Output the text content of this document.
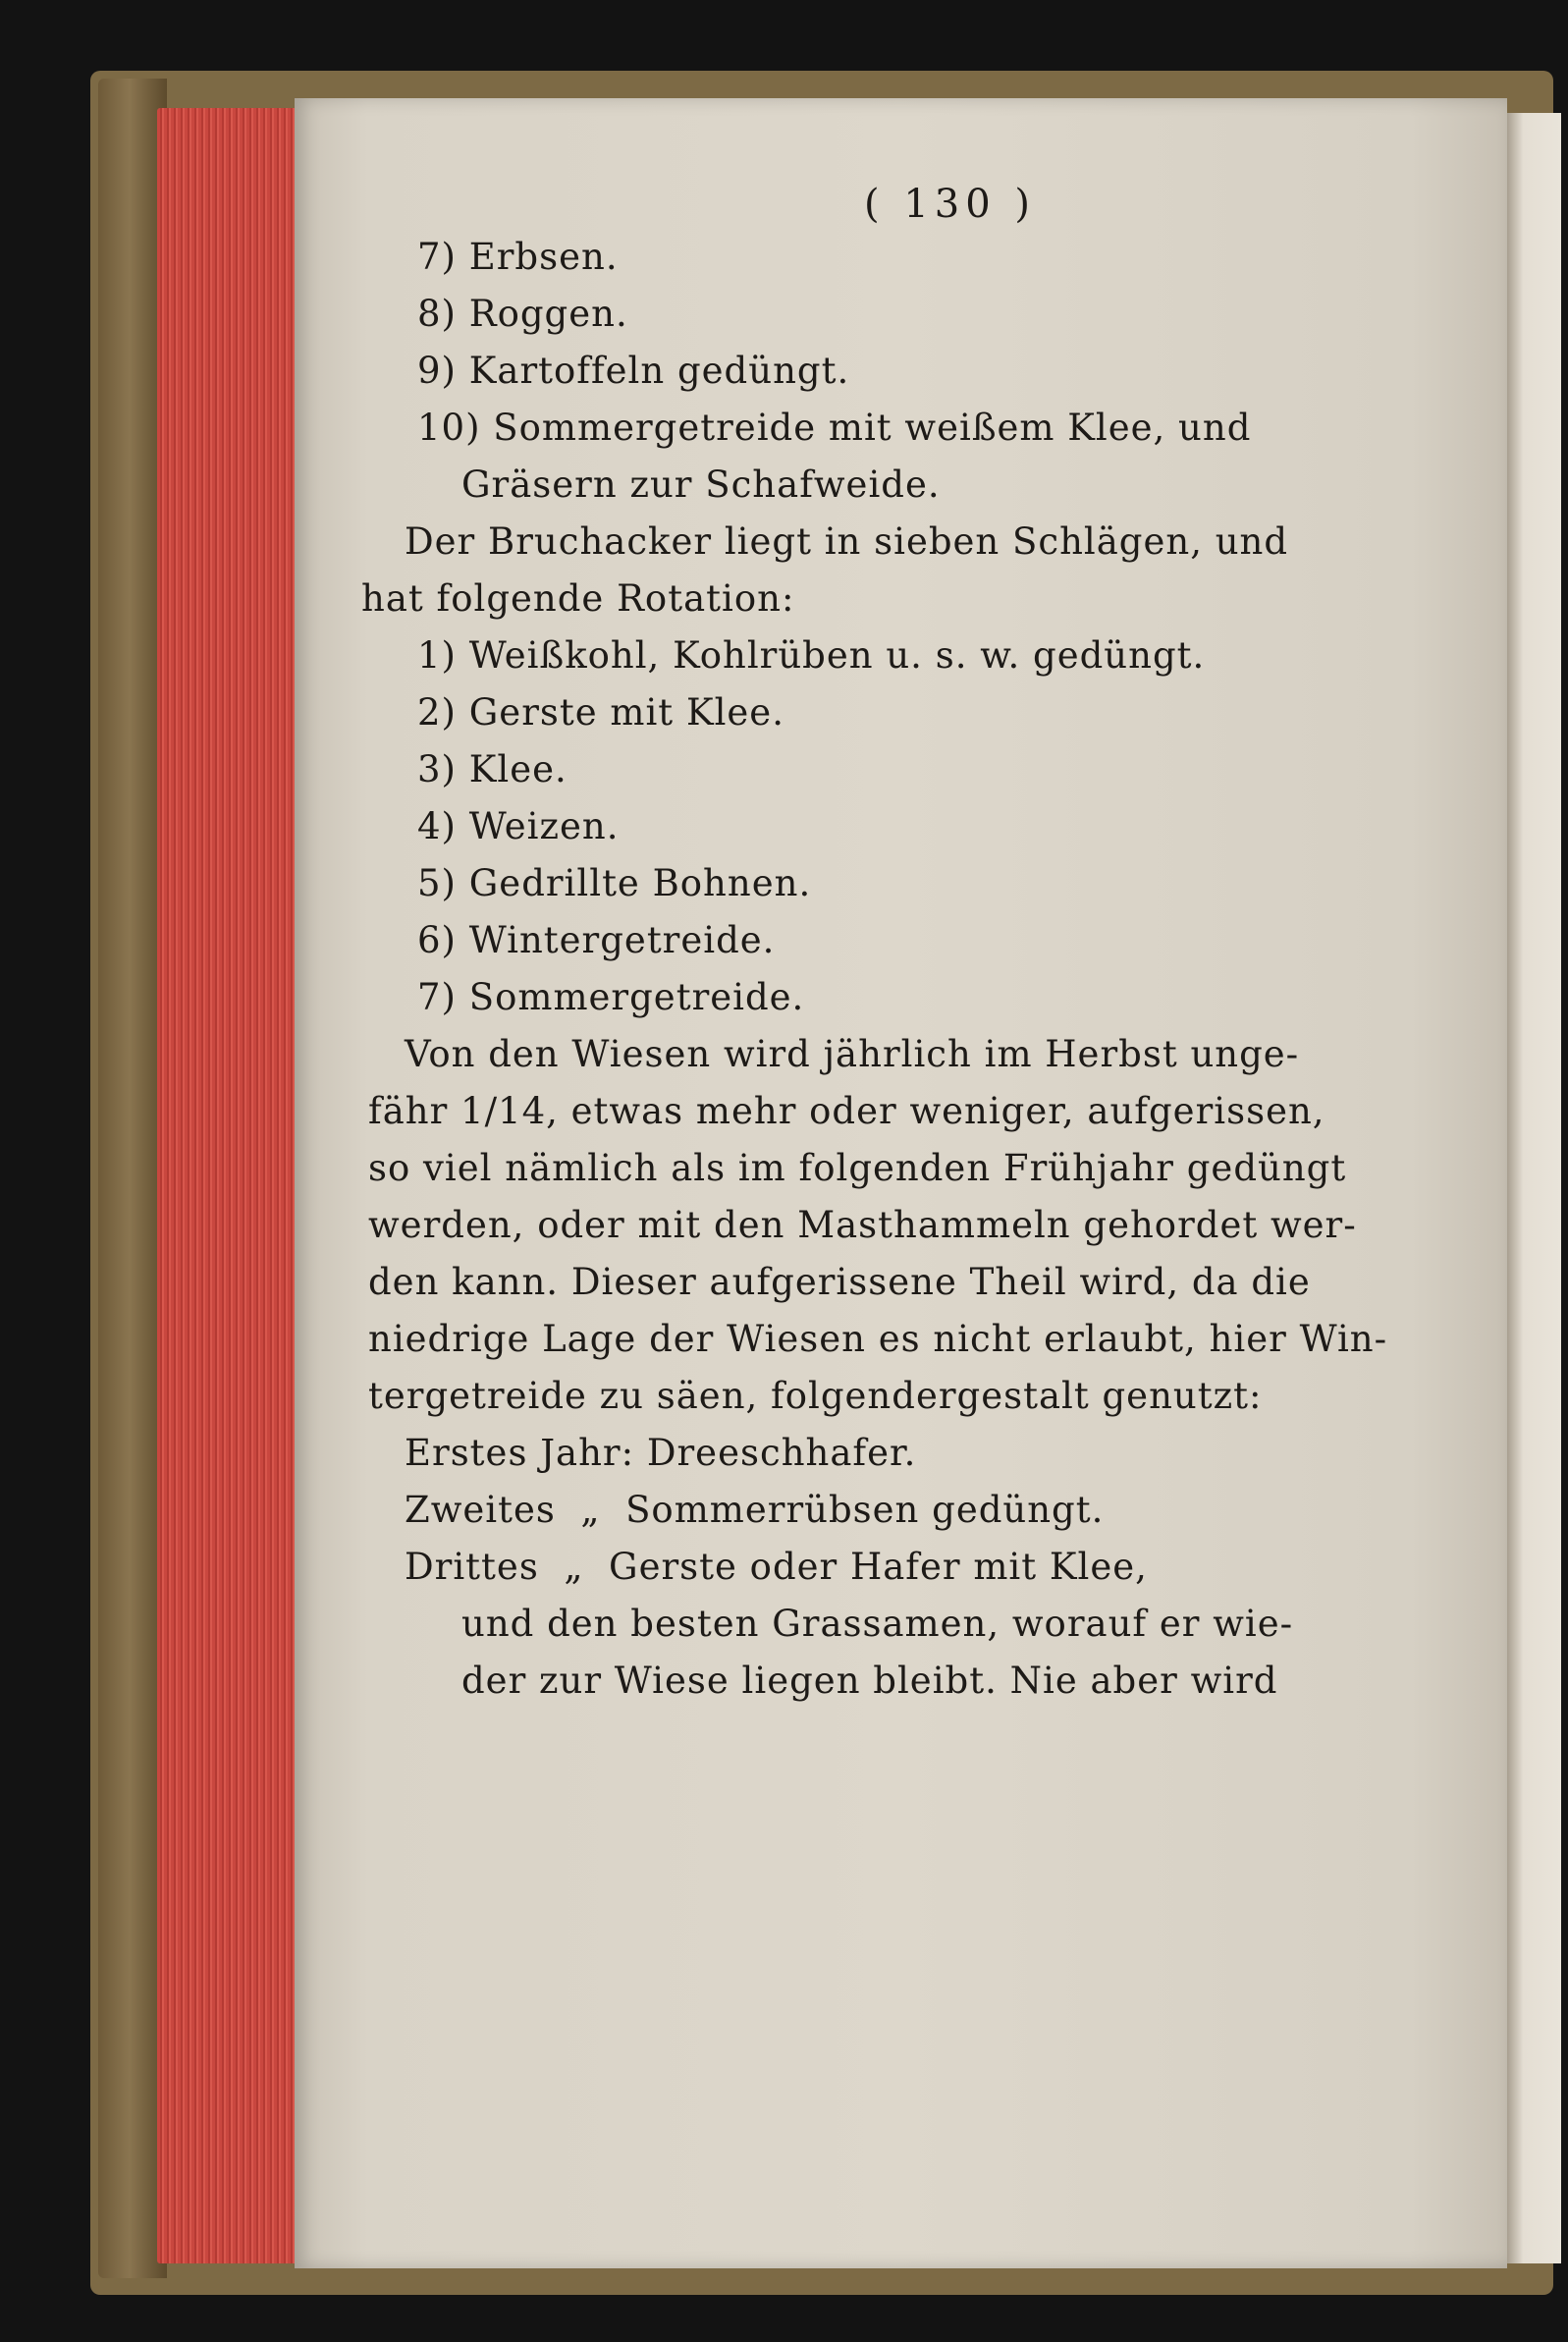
( 130 )
7) Erbsen.
8) Roggen.
9) Kartoffeln gedüngt.
10) Sommergetreide mit weißem Klee, und
Gräsern zur Schafweide.
Der Bruchacker liegt in sieben Schlägen, und
hat folgende Rotation:
1) Weißkohl, Kohlrüben u. s. w. gedüngt.
2) Gerste mit Klee.
3) Klee.
4) Weizen.
5) Gedrillte Bohnen.
6) Wintergetreide.
7) Sommergetreide.
Von den Wiesen wird jährlich im Herbst unge-
fähr 1/14, etwas mehr oder weniger, aufgerissen,
so viel nämlich als im folgenden Frühjahr gedüngt
werden, oder mit den Masthammeln gehordet wer-
den kann. Dieser aufgerissene Theil wird, da die
niedrige Lage der Wiesen es nicht erlaubt, hier Win-
tergetreide zu säen, folgendergestalt genutzt:
Erstes Jahr: Dreeschhafer.
Zweites  „  Sommerrübsen gedüngt.
Drittes  „  Gerste oder Hafer mit Klee,
und den besten Grassamen, worauf er wie-
der zur Wiese liegen bleibt. Nie aber wird
